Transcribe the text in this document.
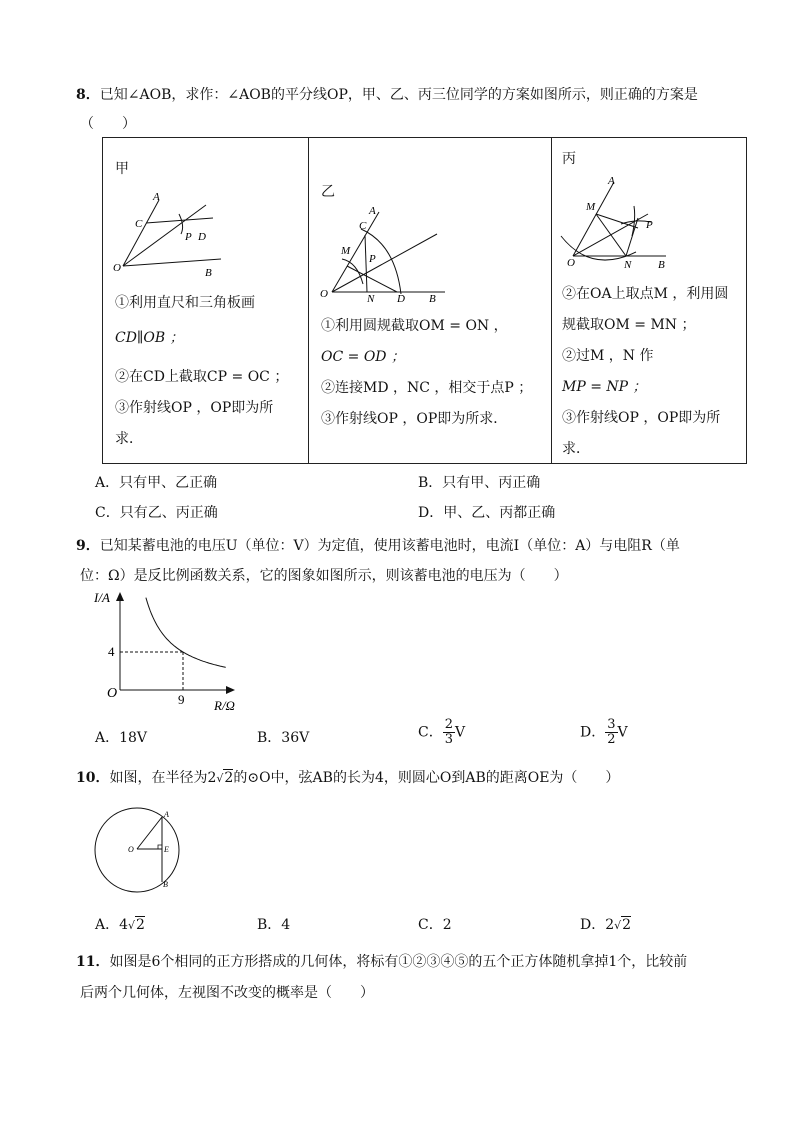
8．已知∠AOB，求作：∠AOB的平分线OP，甲、乙、丙三位同学的方案如图所示，则正确的方案是
（　　）
甲
A
C
P D
O	B
①利用直尺和三角板画
CD∥OB ；
②在CD上截取CP = OC ；
③作射线OP ，OP即为所
求．

乙
A
C
M
P
O	N D B
①利用圆规截取OM = ON ，
OC = OD ；
②连接MD ，NC ，相交于点P ；
③作射线OP ，OP即为所求．

丙
A
M
P
O	N B
②在OA上取点M ，利用圆
规截取OM = MN ；
②过M ，N 作
MP = NP ；
③作射线OP ，OP即为所
求．
A．只有甲、乙正确	B．只有甲、丙正确
C．只有乙、丙正确	D．甲、乙、丙都正确
9．已知某蓄电池的电压U（单位：V）为定值，使用该蓄电池时，电流I（单位：A）与电阻R（单
位：Ω）是反比例函数关系，它的图象如图所示，则该蓄电池的电压为（　　）
I/A
R/Ω
O
4
9
A．18V	B．36V	C． $\frac{2}{3}$ V	D． $\frac{3}{2}$ V
10．如图，在半径为2√2的⊙O中，弦AB的长为4，则圆心O到AB的距离OE为（　　）
O
A
E
B
A．4√2	B．4	C．2	D．2√2
11．如图是6个相同的正方形搭成的几何体，将标有①②③④⑤的五个正方体随机拿掉1个，比较前
后两个几何体，左视图不改变的概率是（　　）
